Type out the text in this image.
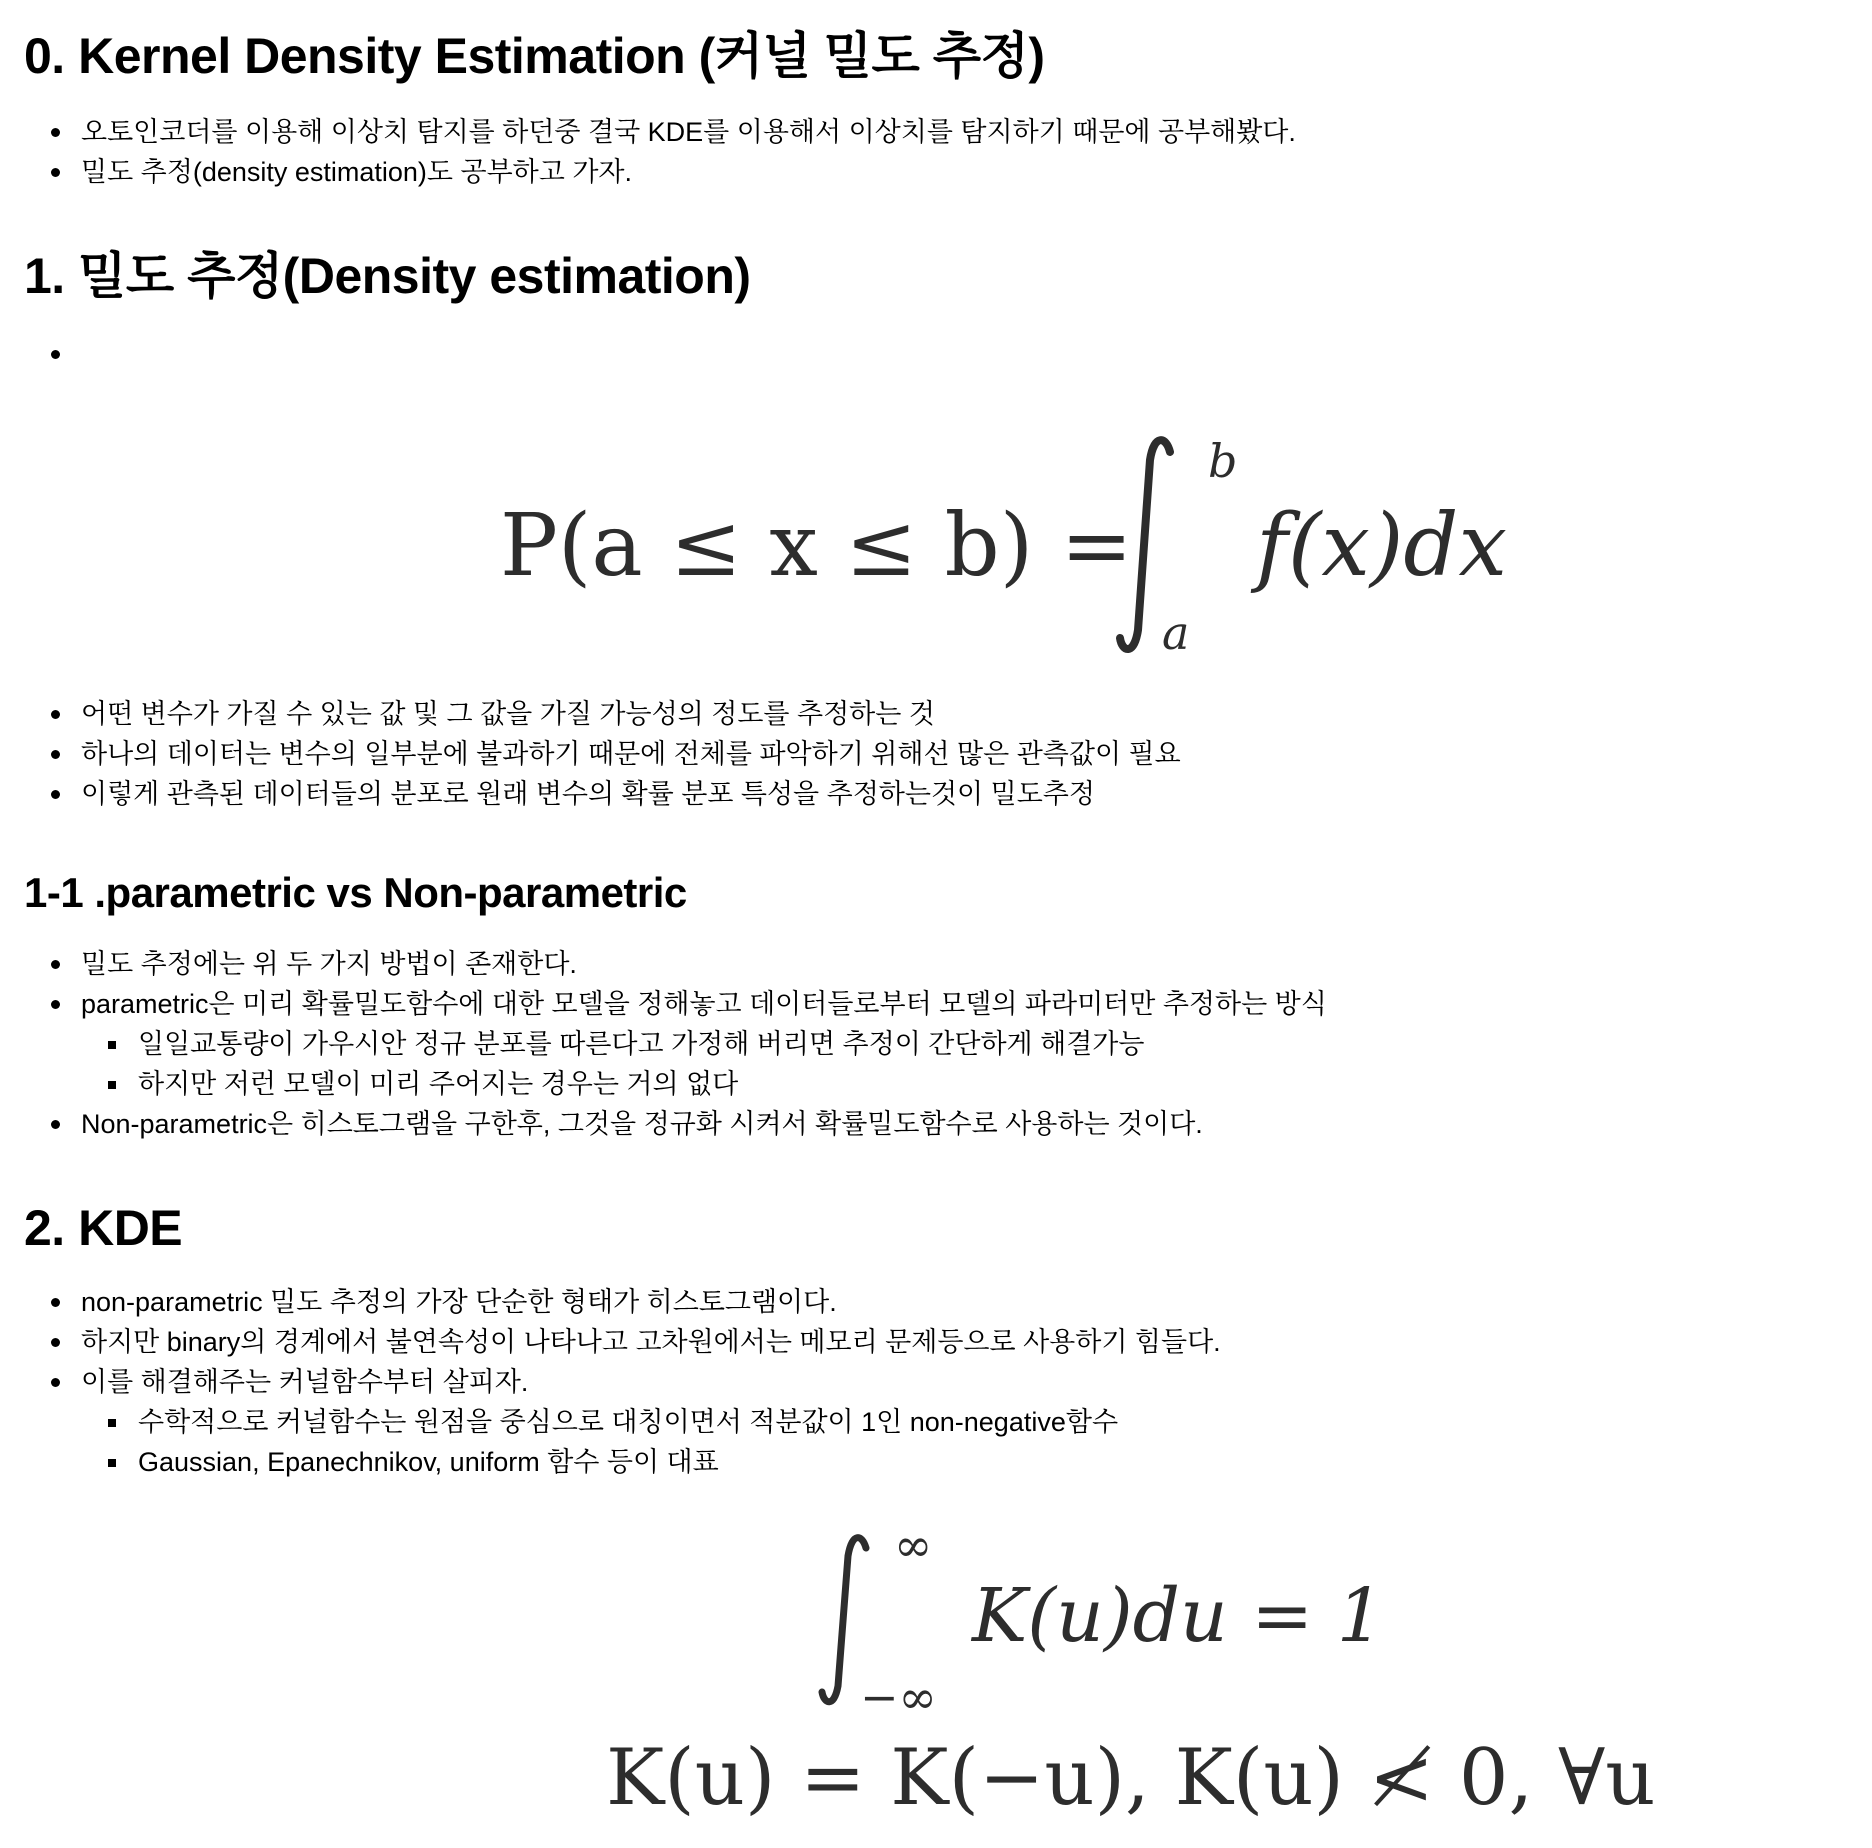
0. Kernel Density Estimation (커널 밀도 추정)
오토인코더를 이용해 이상치 탐지를 하던중 결국 KDE를 이용해서 이상치를 탐지하기 때문에 공부해봤다.
밀도 추정(density estimation)도 공부하고 가자.
1. 밀도 추정(Density estimation)
P(a ≤ x ≤ b) =
b
a
f(x)dx
어떤 변수가 가질 수 있는 값 및 그 값을 가질 가능성의 정도를 추정하는 것
하나의 데이터는 변수의 일부분에 불과하기 때문에 전체를 파악하기 위해선 많은 관측값이 필요
이렇게 관측된 데이터들의 분포로 원래 변수의 확률 분포 특성을 추정하는것이 밀도추정
1-1 .parametric vs Non-parametric
밀도 추정에는 위 두 가지 방법이 존재한다.
parametric은 미리 확률밀도함수에 대한 모델을 정해놓고 데이터들로부터 모델의 파라미터만 추정하는 방식
일일교통량이 가우시안 정규 분포를 따른다고 가정해 버리면 추정이 간단하게 해결가능
하지만 저런 모델이 미리 주어지는 경우는 거의 없다
Non-parametric은 히스토그램을 구한후, 그것을 정규화 시켜서 확률밀도함수로 사용하는 것이다.
2. KDE
non-parametric 밀도 추정의 가장 단순한 형태가 히스토그램이다.
하지만 binary의 경계에서 불연속성이 나타나고 고차원에서는 메모리 문제등으로 사용하기 힘들다.
이를 해결해주는 커널함수부터 살피자.
수학적으로 커널함수는 원점을 중심으로 대칭이면서 적분값이 1인 non-negative함수
Gaussian, Epanechnikov, uniform 함수 등이 대표
∞
−∞
K(u)du = 1
K(u) = K(−u), K(u) ≮ 0, ∀u
